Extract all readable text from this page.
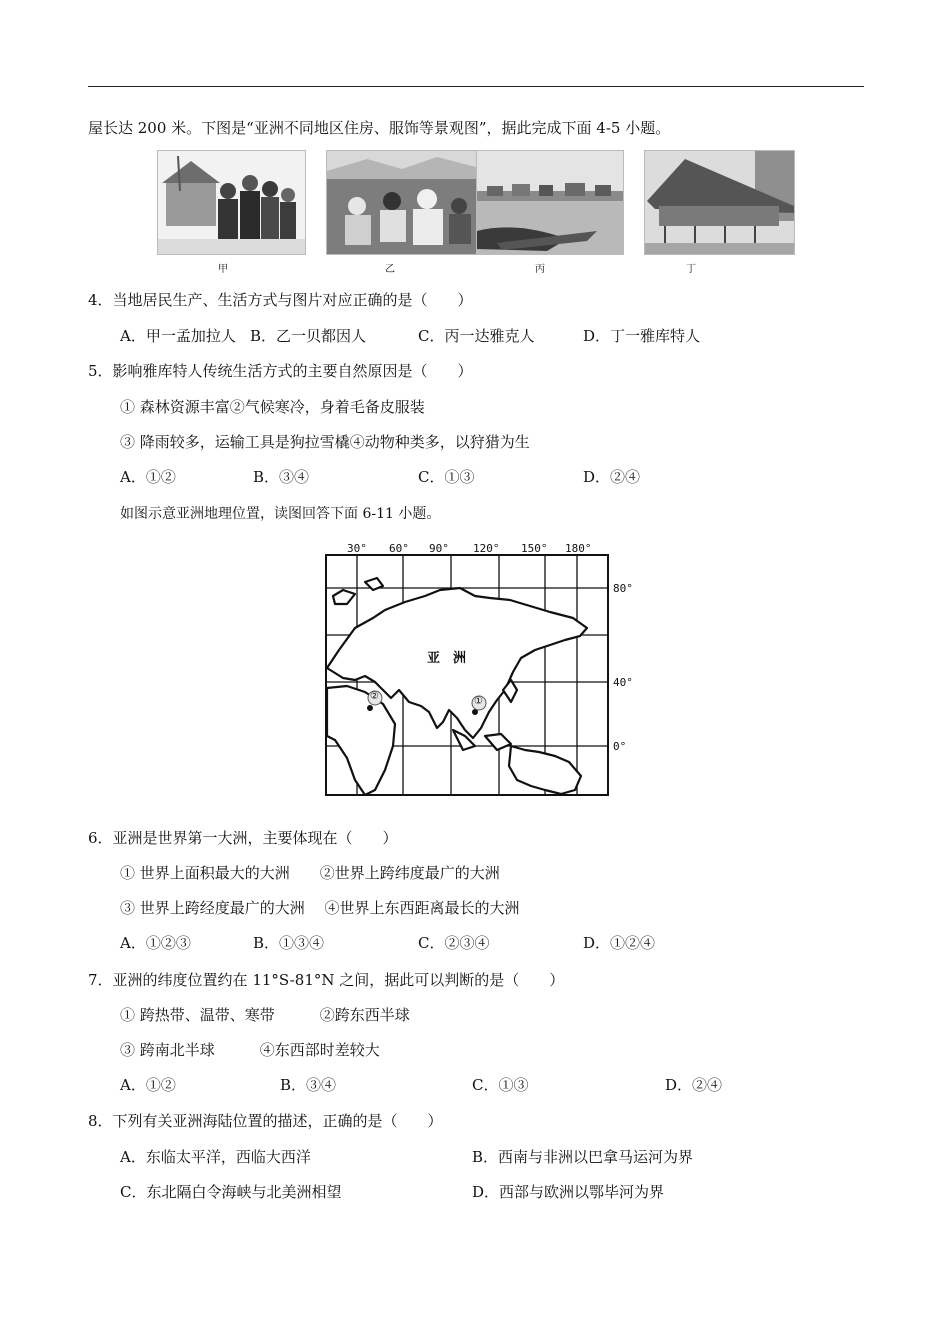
屋长达 200 米。下图是“亚洲不同地区住房、服饰等景观图”，据此完成下面 4-5 小题。
甲	乙	丙	丁
4．当地居民生产、生活方式与图片对应正确的是（　　）
A．甲一孟加拉人 B．乙一贝都因人	C．丙一达雅克人	D．丁一雅库特人
5．影响雅库特人传统生活方式的主要自然原因是（　　）
① 森林资源丰富②气候寒冷，身着毛备皮服装
③ 降雨较多，运输工具是狗拉雪橇④动物种类多，以狩猎为生
A．①②	B．③④	C．①③	D．②④
如图示意亚洲地理位置，读图回答下面 6-11 小题。
30° 60° 90° 120° 150° 180°
80°
40°
0°
亚　洲
①
②
6．亚洲是世界第一大洲，主要体现在（　　）
① 世界上面积最大的大洲　　②世界上跨纬度最广的大洲
③ 世界上跨经度最广的大洲　 ④世界上东西距离最长的大洲
A．①②③	B．①③④	C．②③④	D．①②④
7．亚洲的纬度位置约在 11°S-81°N 之间，据此可以判断的是（　　）
① 跨热带、温带、寒带　　　②跨东西半球
③ 跨南北半球　　　④东西部时差较大
A．①②	B．③④	C．①③	D．②④
8．下列有关亚洲海陆位置的描述，正确的是（　　）
A．东临太平洋，西临大西洋	B．西南与非洲以巴拿马运河为界
C．东北隔白令海峡与北美洲相望	D．西部与欧洲以鄂毕河为界
